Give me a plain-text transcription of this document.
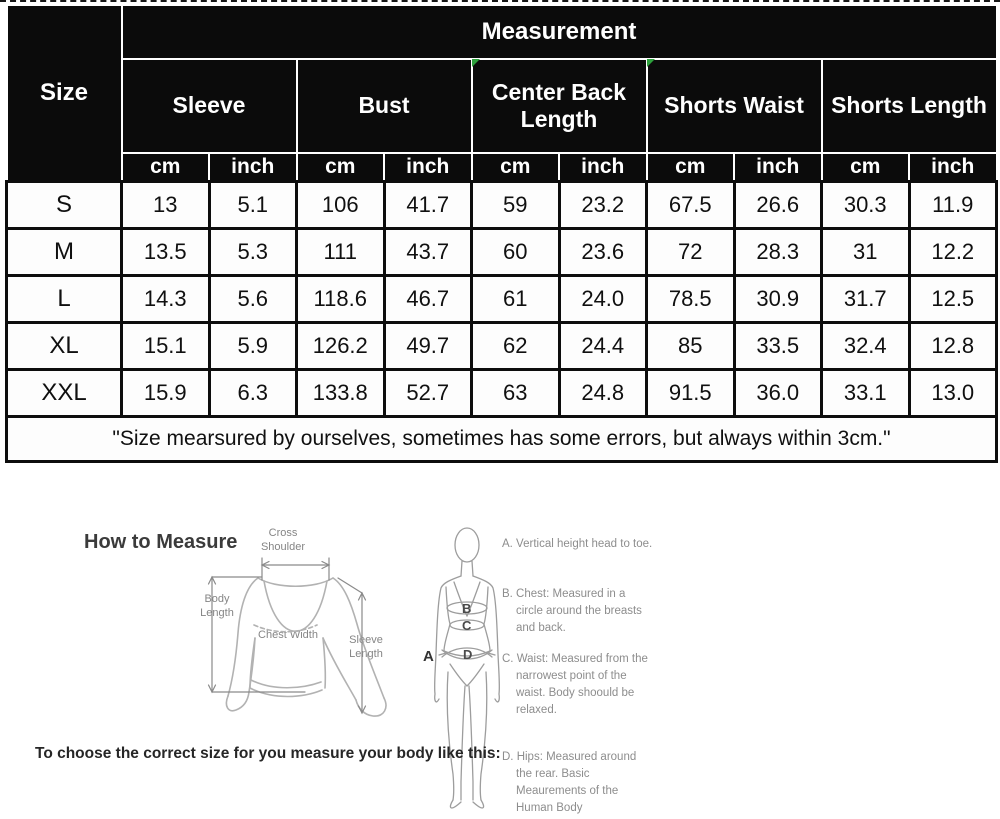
Size	Measurement									
	Sleeve		Bust		Center Back Length		Shorts Waist		Shorts Length	
	cm	inch	cm	inch	cm	inch	cm	inch	cm	inch
S	13	5.1	106	41.7	59	23.2	67.5	26.6	30.3	11.9
M	13.5	5.3	111	43.7	60	23.6	72	28.3	31	12.2
L	14.3	5.6	118.6	46.7	61	24.0	78.5	30.9	31.7	12.5
XL	15.1	5.9	126.2	49.7	62	24.4	85	33.5	32.4	12.8
XXL	15.9	6.3	133.8	52.7	63	24.8	91.5	36.0	33.1	13.0
"Size mearsured by ourselves, sometimes has some errors, but always within 3cm."										
How to Measure	Cross Shoulder
Body Length
Chest Width	Sleeve Length	A
B
C
D
A. Vertical height head to toe.
B. Chest: Measured in a circle around the breasts and back.
C. Waist: Measured from the narrowest point of the waist. Body shoould be relaxed.
D. Hips: Measured around the rear. Basic Meaurements of the Human Body
To choose the correct size for you measure your body like this:
